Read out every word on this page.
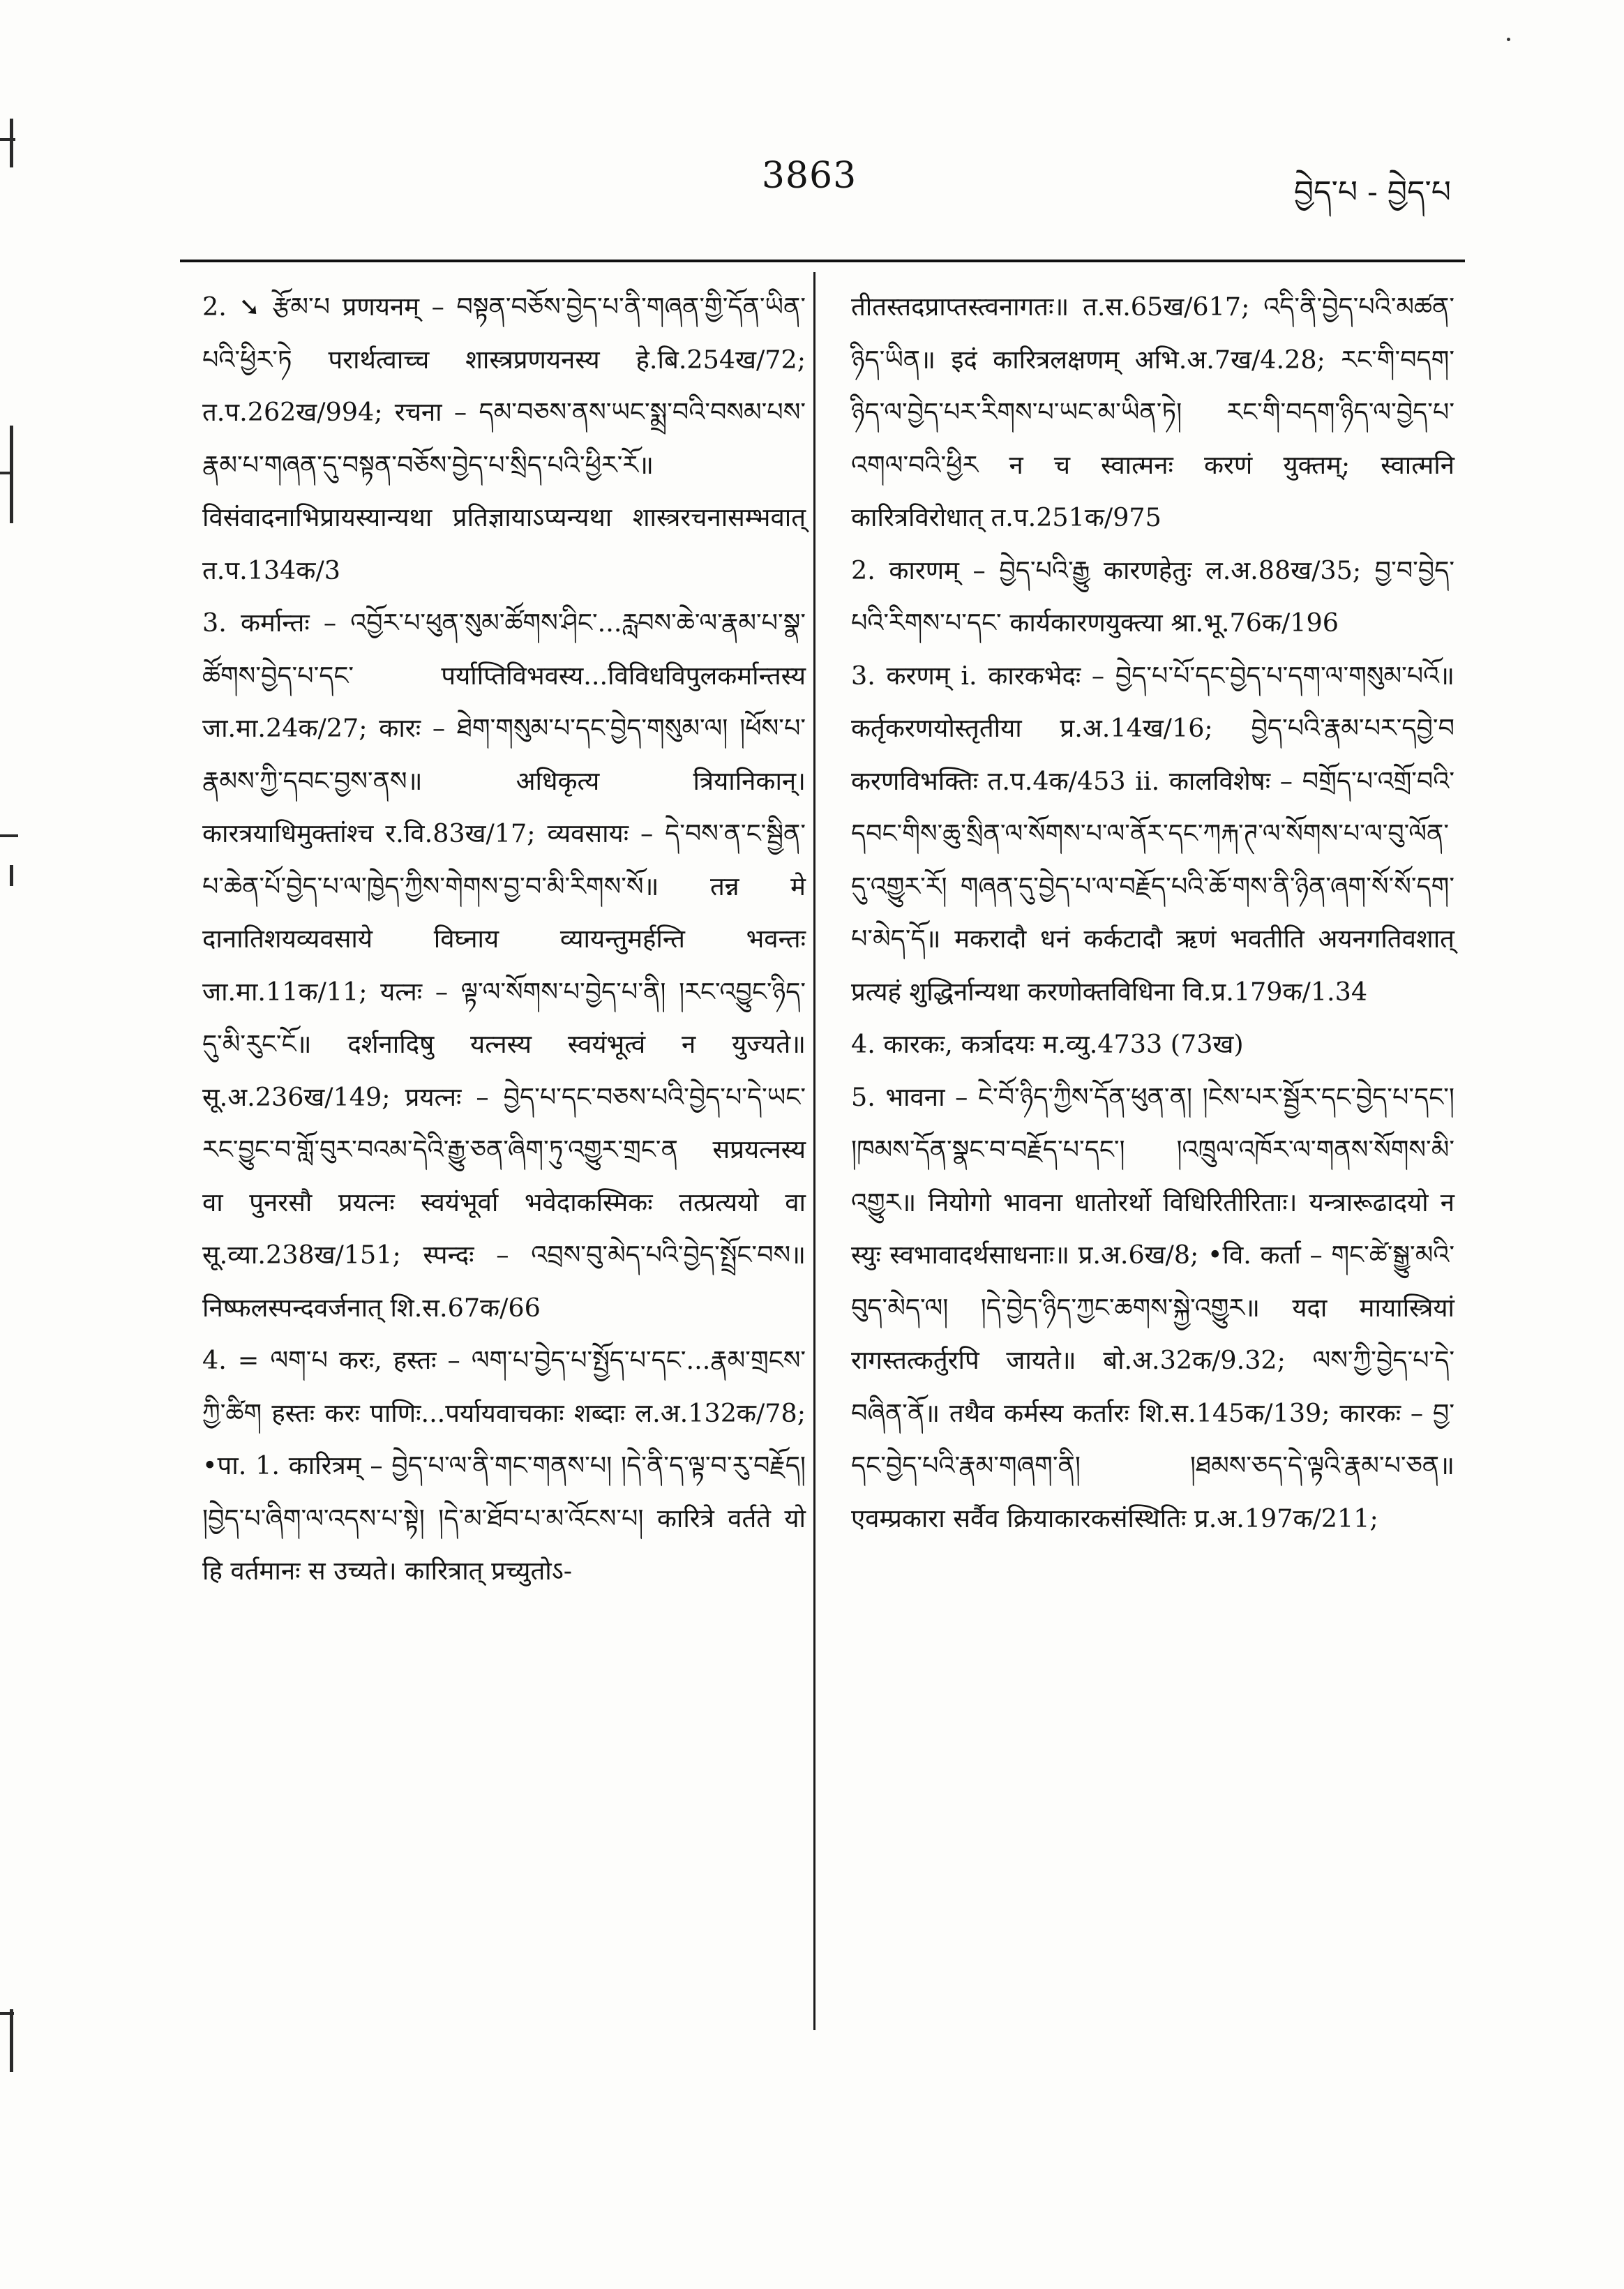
3863	བྱེད་པ - བྱེད་པ

2. ➘ རྩོམ་པ प्रणयनम् – བསྟན་བཅོས་བྱེད་པ་ནི་གཞན་གྱི་དོན་ཡིན་པའི་ཕྱིར་ཏེ परार्थत्वाच्च शास्त्रप्रणयनस्य हे.बि.254ख/72; त.प.262ख/994; रचना – དམ་བཅས་ནས་ཡང་སྨྲ་བའི་བསམ་པས་རྣམ་པ་གཞན་དུ་བསྟན་བཅོས་བྱེད་པ་སྲིད་པའི་ཕྱིར་རོ॥ विसंवादनाभिप्रायस्यान्यथा प्रतिज्ञायाऽप्यन्यथा शास्त्ररचनासम्भवात् त.प.134क/3

3. कर्मान्तः – འབྱོར་པ་ཕུན་སུམ་ཚོགས་ཤིང་...རླབས་ཆེ་ལ་རྣམ་པ་སྣ་ཚོགས་བྱེད་པ་དང་ पर्याप्तिविभवस्य...विविधविपुलकर्मान्तस्य जा.मा.24क/27; कारः – ཐེག་གསུམ་པ་དང་བྱེད་གསུམ་ལ། །ཕོས་པ་རྣམས་ཀྱི་དབང་བྱས་ནས॥ अधिकृत्य त्रियानिकान्। कारत्रयाधिमुक्तांश्च र.वि.83ख/17; व्यवसायः – དེ་བས་ན་ང་སྦྱིན་པ་ཆེན་པོ་བྱེད་པ་ལ་ཁྱེད་ཀྱིས་གེགས་བྱ་བ་མི་རིགས་སོ॥ तन्न मे दानातिशयव्यवसाये विघ्नाय व्यायन्तुमर्हन्ति भवन्तः जा.मा.11क/11; यत्नः – ལྟ་ལ་སོགས་པ་བྱེད་པ་ནི། །རང་འབྱུང་ཉིད་དུ་མི་རུང་ངོ॥ दर्शनादिषु यत्नस्य स्वयंभूत्वं न युज्यते॥ सू.अ.236ख/149; प्रयत्नः – བྱེད་པ་དང་བཅས་པའི་བྱེད་པ་དེ་ཡང་རང་བྱུང་བ་གློ་བུར་བའམ་དེའི་རྒྱུ་ཅན་ཞིག་ཏུ་འགྱུར་གྲང་ན सप्रयत्नस्य वा पुनरसौ प्रयत्नः स्वयंभूर्वा भवेदाकस्मिकः तत्प्रत्ययो वा सू.व्या.238ख/151; स्पन्दः – འབྲས་བུ་མེད་པའི་བྱེད་སྤྲོང་བས॥ निष्फलस्पन्दवर्जनात् शि.स.67क/66

4. = ལག་པ करः, हस्तः – ལག་པ་བྱེད་པ་སྤྱོད་པ་དང་...རྣམ་གྲངས་ཀྱི་ཚིག हस्तः करः पाणिः...पर्यायवाचकाः शब्दाः ल.अ.132क/78; •पा. 1. कारित्रम् – བྱེད་པ་ལ་ནི་གང་གནས་པ། །དེ་ནི་ད་ལྟ་བ་རུ་བརྗོད། །བྱེད་པ་ཞིག་ལ་འདས་པ་སྟེ། །དེ་མ་ཐོབ་པ་མ་འོངས་པ། कारित्रे वर्तते यो हि वर्तमानः स उच्यते। कारित्रात् प्रच्युतोऽ-

तीतस्तदप्राप्तस्त्वनागतः॥ त.स.65ख/617; འདི་ནི་བྱེད་པའི་མཚན་ཉིད་ཡིན॥ इदं कारित्रलक्षणम् अभि.अ.7ख/4.28; རང་གི་བདག་ཉིད་ལ་བྱེད་པར་རིགས་པ་ཡང་མ་ཡིན་ཏེ། རང་གི་བདག་ཉིད་ལ་བྱེད་པ་འགལ་བའི་ཕྱིར न च स्वात्मनः करणं युक्तम्; स्वात्मनि कारित्रविरोधात् त.प.251क/975

2. कारणम् – བྱེད་པའི་རྒྱུ कारणहेतुः ल.अ.88ख/35; བྱ་བ་བྱེད་པའི་རིགས་པ་དང་ कार्यकारणयुक्त्या श्रा.भू.76क/196

3. करणम् i. कारकभेदः – བྱེད་པ་པོ་དང་བྱེད་པ་དག་ལ་གསུམ་པའོ॥ कर्तृकरणयोस्तृतीया प्र.अ.14ख/16; བྱེད་པའི་རྣམ་པར་དབྱེ་བ करणविभक्तिः त.प.4क/453 ii. कालविशेषः – བགྲོད་པ་འགྲོ་བའི་དབང་གིས་ཆུ་སྲིན་ལ་སོགས་པ་ལ་ནོར་དང་ཀརྐ་ཊ་ལ་སོགས་པ་ལ་བུ་ལོན་དུ་འགྱུར་རོ། གཞན་དུ་བྱེད་པ་ལ་བརྗོད་པའི་ཆོ་གས་ནི་ཉིན་ཞག་སོ་སོ་དག་པ་མེད་དོ॥ मकरादौ धनं कर्कटादौ ऋणं भवतीति अयनगतिवशात् प्रत्यहं शुद्धिर्नान्यथा करणोक्तविधिना वि.प्र.179क/1.34

4. कारकः, कर्त्रादयः म.व्यु.4733 (73ख)

5. भावना – ངེ་བོ་ཉིད་ཀྱིས་དོན་ཕུན་ན། །ངེས་པར་སྦྱོར་དང་བྱེད་པ་དང་། །ཁམས་དོན་སྣང་བ་བརྗོད་པ་དང་། །འཁྲུལ་འཁོར་ལ་གནས་སོགས་མི་འགྱུར॥ नियोगो भावना धातोरर्थो विधिरितीरिताः। यन्त्रारूढादयो न स्युः स्वभावादर्थसाधनाः॥ प्र.अ.6ख/8; •वि. कर्ता – གང་ཚེ་སྒྱུ་མའི་བུད་མེད་ལ། །དེ་བྱེད་ཉིད་ཀྱང་ཆགས་སྐྱེ་འགྱུར॥ यदा मायास्त्रियां रागस्तत्कर्तुरपि जायते॥ बो.अ.32क/9.32; ལས་ཀྱི་བྱེད་པ་དེ་བཞིན་ནོ॥ तथैव कर्मस्य कर्तारः शि.स.145क/139; कारकः – བྱ་དང་བྱེད་པའི་རྣམ་གཞག་ནི། །ཐམས་ཅད་དེ་ལྟའི་རྣམ་པ་ཅན॥ एवम्प्रकारा सर्वैव क्रियाकारकसंस्थितिः प्र.अ.197क/211;
